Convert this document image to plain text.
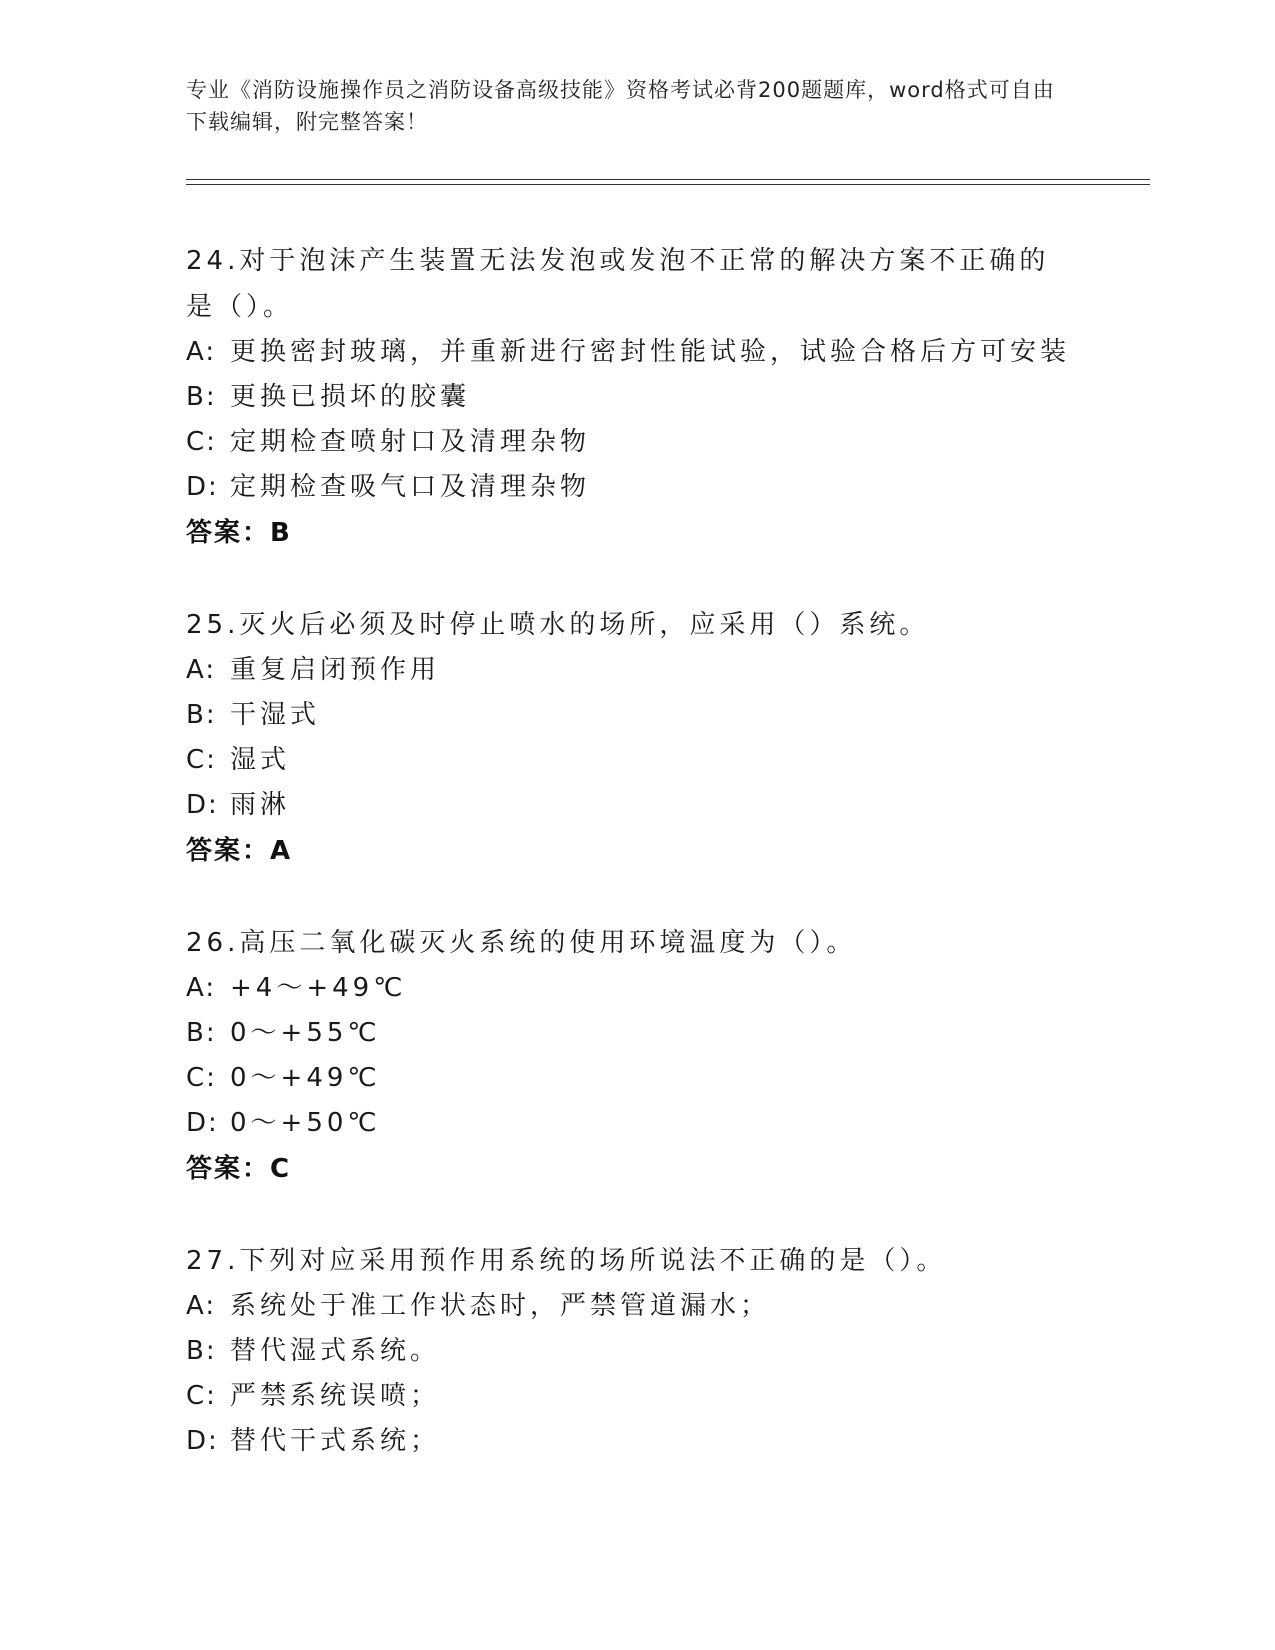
专业《消防设施操作员之消防设备高级技能》资格考试必背200题题库，word格式可自由下载编辑，附完整答案！
24.对于泡沫产生装置无法发泡或发泡不正常的解决方案不正确的是（）。
A: 更换密封玻璃，并重新进行密封性能试验，试验合格后方可安装
B: 更换已损坏的胶囊
C: 定期检查喷射口及清理杂物
D: 定期检查吸气口及清理杂物
答案：B
25.灭火后必须及时停止喷水的场所，应采用（）系统。
A: 重复启闭预作用
B: 干湿式
C: 湿式
D: 雨淋
答案：A
26.高压二氧化碳灭火系统的使用环境温度为（）。
A: +4～+49℃
B: 0～+55℃
C: 0～+49℃
D: 0～+50℃
答案：C
27.下列对应采用预作用系统的场所说法不正确的是（）。
A: 系统处于准工作状态时，严禁管道漏水；
B: 替代湿式系统。
C: 严禁系统误喷；
D: 替代干式系统；
